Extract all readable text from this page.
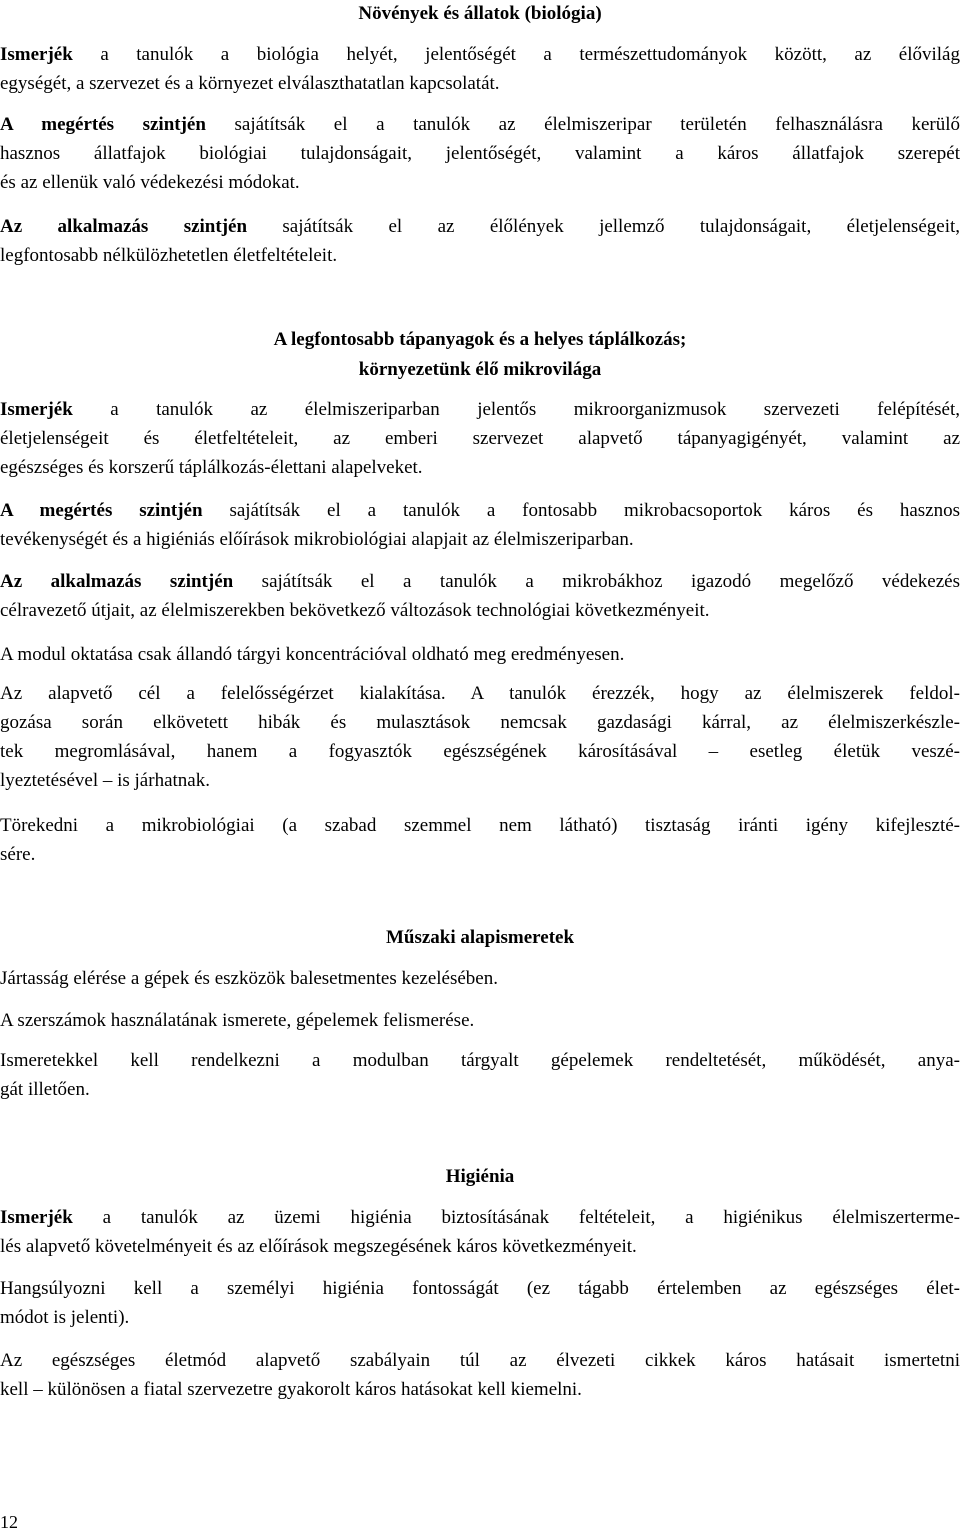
Növények és állatok (biológia)
Ismerjék a tanulók a biológia helyét, jelentőségét a természettudományok között, az élővilág
egységét, a szervezet és a környezet elválaszthatatlan kapcsolatát.
A megértés szintjén sajátítsák el a tanulók az élelmiszeripar területén felhasználásra kerülő
hasznos állatfajok biológiai tulajdonságait, jelentőségét, valamint a káros állatfajok szerepét
és az ellenük való védekezési módokat.
Az alkalmazás szintjén sajátítsák el az élőlények jellemző tulajdonságait, életjelenségeit,
legfontosabb nélkülözhetetlen életfeltételeit.
A legfontosabb tápanyagok és a helyes táplálkozás;
környezetünk élő mikrovilága
Ismerjék a tanulók az élelmiszeriparban jelentős mikroorganizmusok szervezeti felépítését,
életjelenségeit és életfeltételeit, az emberi szervezet alapvető tápanyagigényét, valamint az
egészséges és korszerű táplálkozás-élettani alapelveket.
A megértés szintjén sajátítsák el a tanulók a fontosabb mikrobacsoportok káros és hasznos
tevékenységét és a higiéniás előírások mikrobiológiai alapjait az élelmiszeriparban.
Az alkalmazás szintjén sajátítsák el a tanulók a mikrobákhoz igazodó megelőző védekezés
célravezető útjait, az élelmiszerekben bekövetkező változások technológiai következményeit.
A modul oktatása csak állandó tárgyi koncentrációval oldható meg eredményesen.
Az alapvető cél a felelősségérzet kialakítása. A tanulók érezzék, hogy az élelmiszerek feldol-
gozása során elkövetett hibák és mulasztások nemcsak gazdasági kárral, az élelmiszerkészle-
tek megromlásával, hanem a fogyasztók egészségének károsításával – esetleg életük veszé-
lyeztetésével – is járhatnak.
Törekedni a mikrobiológiai (a szabad szemmel nem látható) tisztaság iránti igény kifejleszté-
sére.
Műszaki alapismeretek
Jártasság elérése a gépek és eszközök balesetmentes kezelésében.
A szerszámok használatának ismerete, gépelemek felismerése.
Ismeretekkel kell rendelkezni a modulban tárgyalt gépelemek rendeltetését, működését, anya-
gát illetően.
Higiénia
Ismerjék a tanulók az üzemi higiénia biztosításának feltételeit, a higiénikus élelmiszerterme-
lés alapvető követelményeit és az előírások megszegésének káros következményeit.
Hangsúlyozni kell a személyi higiénia fontosságát (ez tágabb értelemben az egészséges élet-
módot is jelenti).
Az egészséges életmód alapvető szabályain túl az élvezeti cikkek káros hatásait ismertetni
kell – különösen a fiatal szervezetre gyakorolt káros hatásokat kell kiemelni.
12
